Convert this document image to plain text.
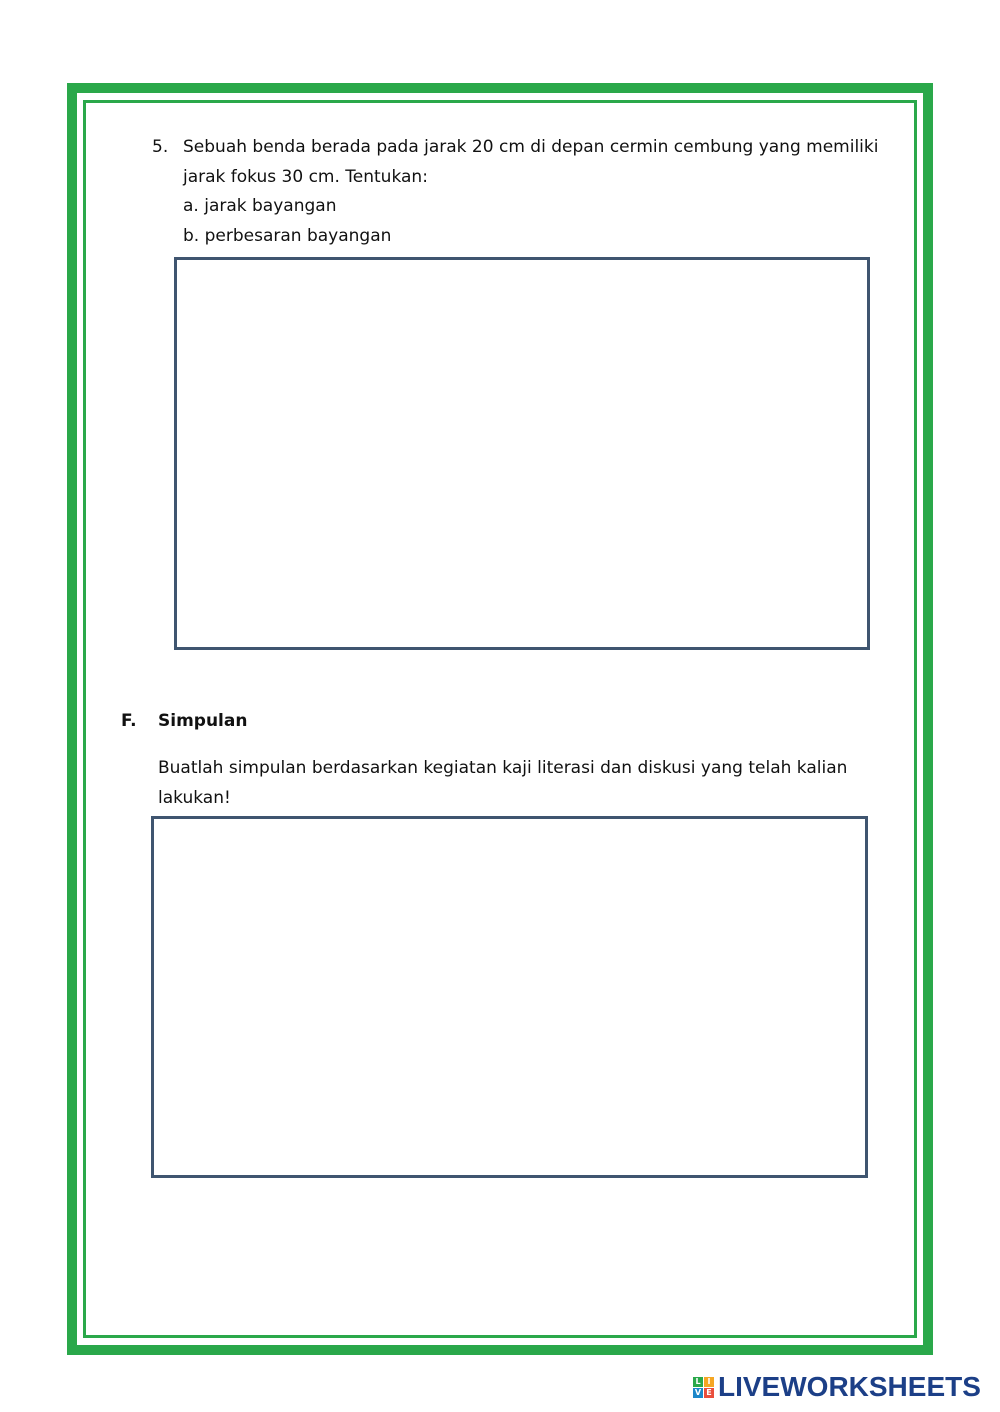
5. Sebuah benda berada pada jarak 20 cm di depan cermin cembung yang memiliki
jarak fokus 30 cm. Tentukan:
a. jarak bayangan
b. perbesaran bayangan
F. Simpulan
Buatlah simpulan berdasarkan kegiatan kaji literasi dan diskusi yang telah kalian
lakukan!
L I
V E LIVEWORKSHEETS
